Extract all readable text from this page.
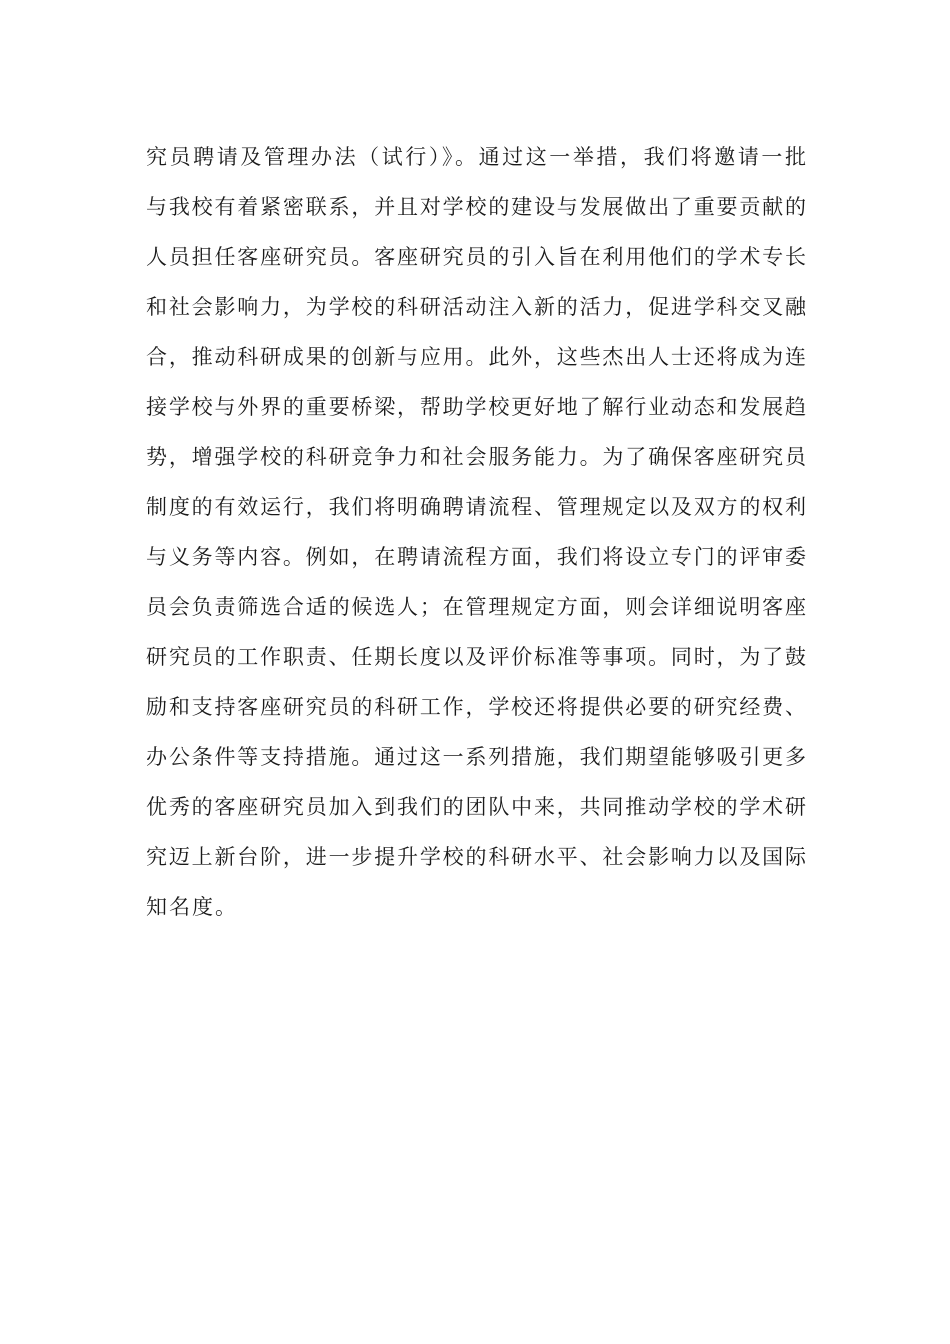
究员聘请及管理办法（试行）》。通过这一举措，我们将邀请一批
与我校有着紧密联系，并且对学校的建设与发展做出了重要贡献的
人员担任客座研究员。客座研究员的引入旨在利用他们的学术专长
和社会影响力，为学校的科研活动注入新的活力，促进学科交叉融
合，推动科研成果的创新与应用。此外，这些杰出人士还将成为连
接学校与外界的重要桥梁，帮助学校更好地了解行业动态和发展趋
势，增强学校的科研竞争力和社会服务能力。为了确保客座研究员
制度的有效运行，我们将明确聘请流程、管理规定以及双方的权利
与义务等内容。例如，在聘请流程方面，我们将设立专门的评审委
员会负责筛选合适的候选人；在管理规定方面，则会详细说明客座
研究员的工作职责、任期长度以及评价标准等事项。同时，为了鼓
励和支持客座研究员的科研工作，学校还将提供必要的研究经费、
办公条件等支持措施。通过这一系列措施，我们期望能够吸引更多
优秀的客座研究员加入到我们的团队中来，共同推动学校的学术研
究迈上新台阶，进一步提升学校的科研水平、社会影响力以及国际
知名度。
